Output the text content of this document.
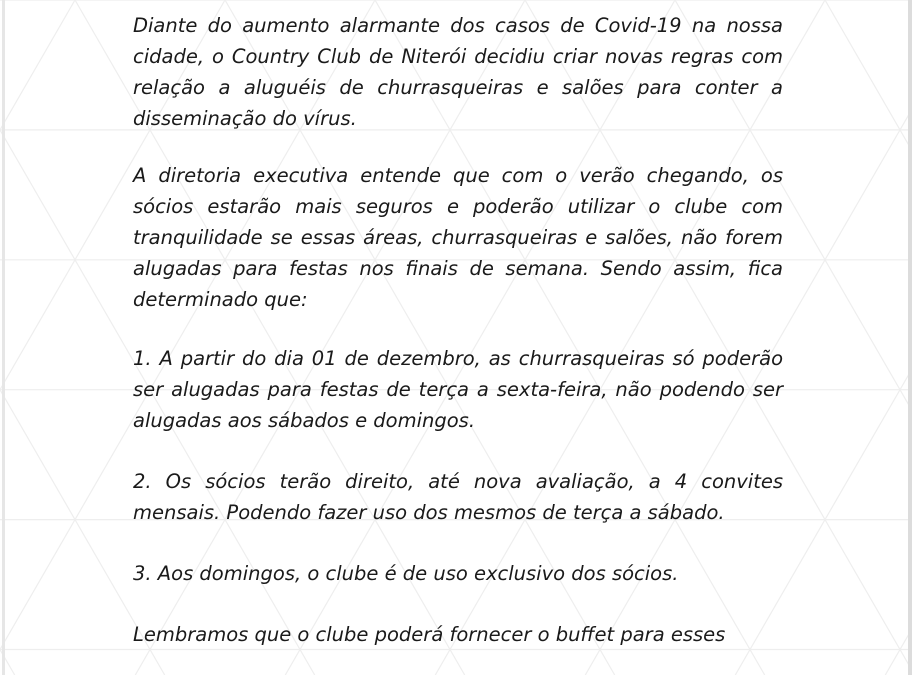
Diante do aumento alarmante dos casos de Covid-19 na nossa cidade, o Country Club de Niterói decidiu criar novas regras com relação a aluguéis de churrasqueiras e salões para conter a disseminação do vírus.

A diretoria executiva entende que com o verão chegando, os sócios estarão mais seguros e poderão utilizar o clube com tranquilidade se essas áreas, churrasqueiras e salões, não forem alugadas para festas nos finais de semana. Sendo assim, fica determinado que:

1. A partir do dia 01 de dezembro, as churrasqueiras só poderão ser alugadas para festas de terça a sexta-feira, não podendo ser alugadas aos sábados e domingos.

2. Os sócios terão direito, até nova avaliação, a 4 convites mensais. Podendo fazer uso dos mesmos de terça a sábado.

3. Aos domingos, o clube é de uso exclusivo dos sócios.

Lembramos que o clube poderá fornecer o buffet para esses
